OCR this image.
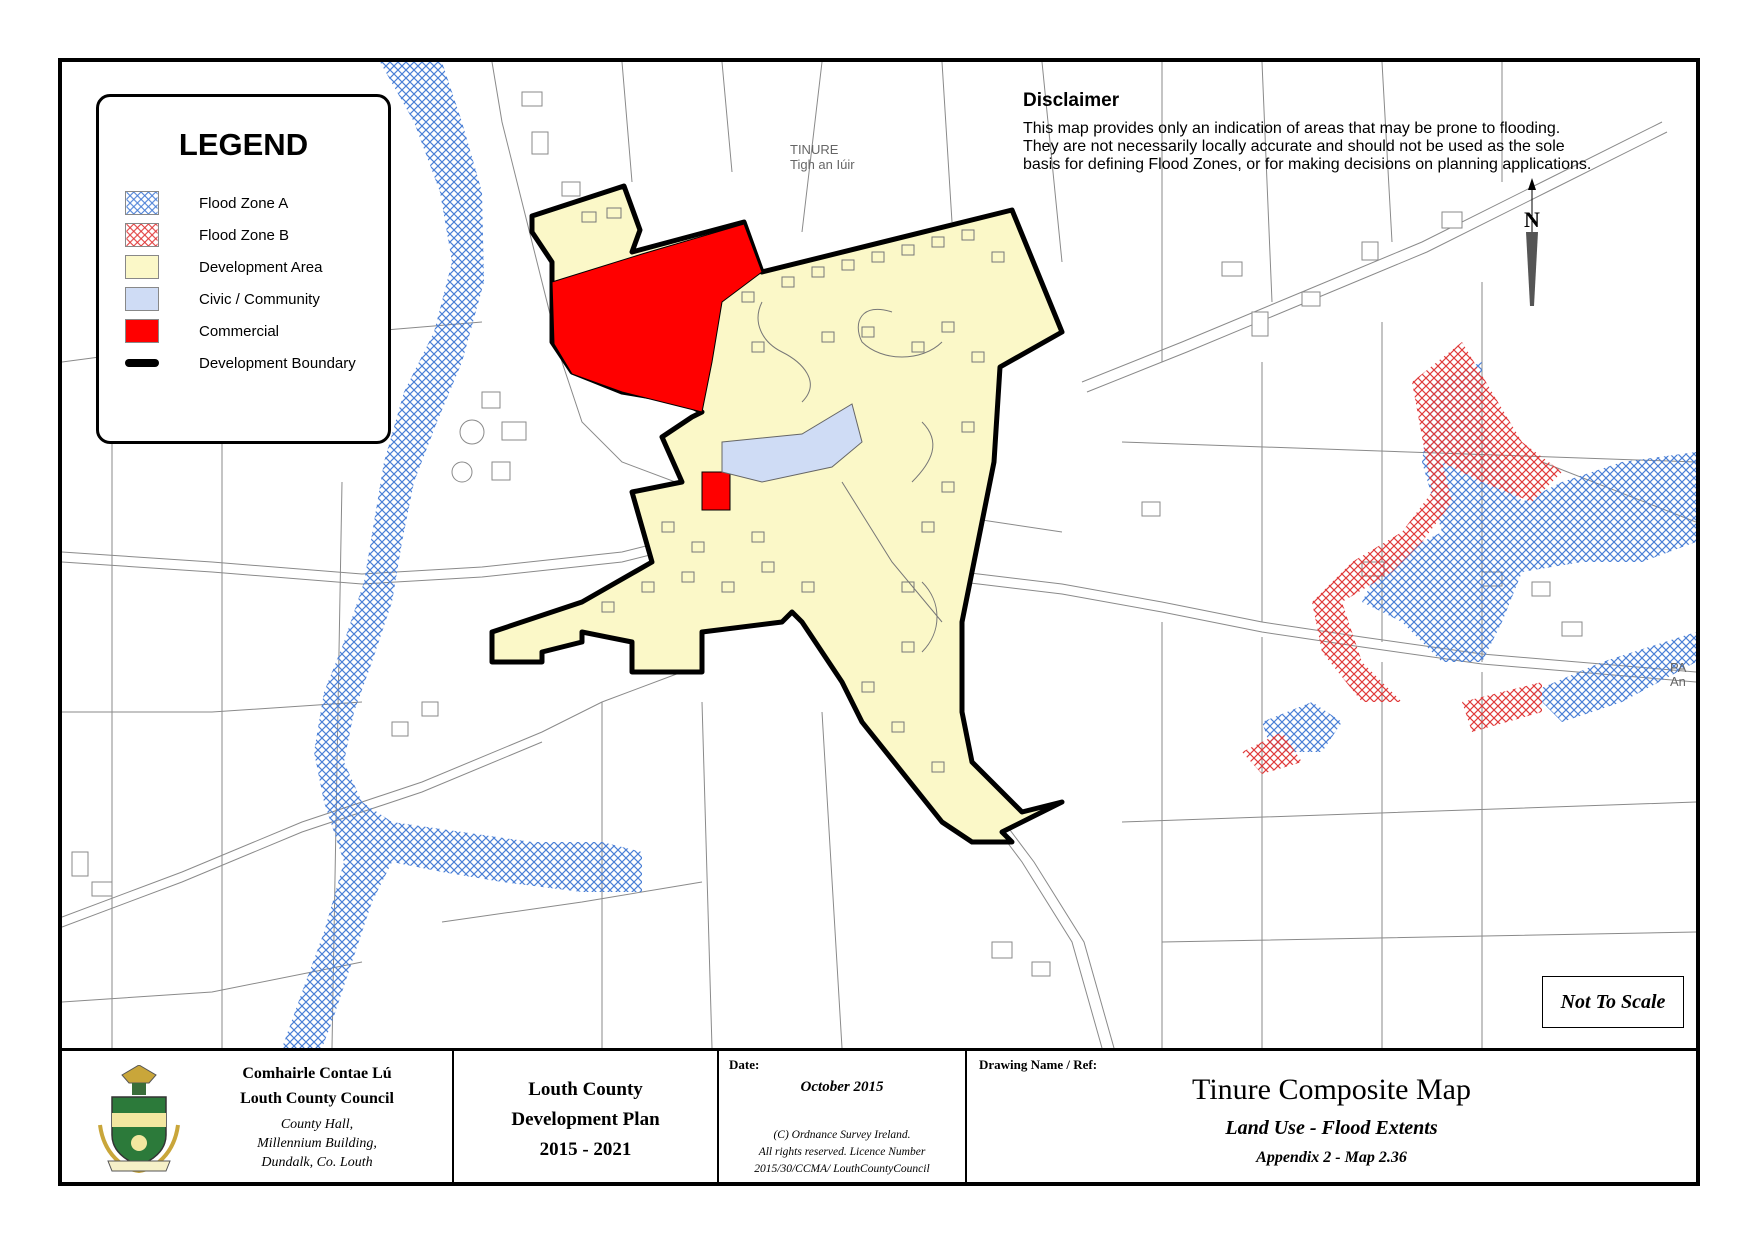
TINURE
Tigh an Iúir
PA
An
N
LEGEND
Flood Zone A
Flood Zone B
Development Area
Civic / Community
Commercial
Development Boundary
Disclaimer
This map provides only an indication of areas that may be prone to flooding.
They are not necessarily locally accurate and should not be used as the sole
basis for defining Flood Zones, or for making decisions on planning applications.
Not To Scale
Comhairle Contae Lú
Louth County Council
County Hall,
Millennium Building,
Dundalk, Co. Louth
Louth County
Development Plan
2015 - 2021
Date:
October 2015
(C) Ordnance Survey Ireland.
All rights reserved. Licence Number
2015/30/CCMA/ LouthCountyCouncil
Drawing Name / Ref:
Tinure Composite Map
Land Use - Flood Extents
Appendix 2 - Map 2.36
